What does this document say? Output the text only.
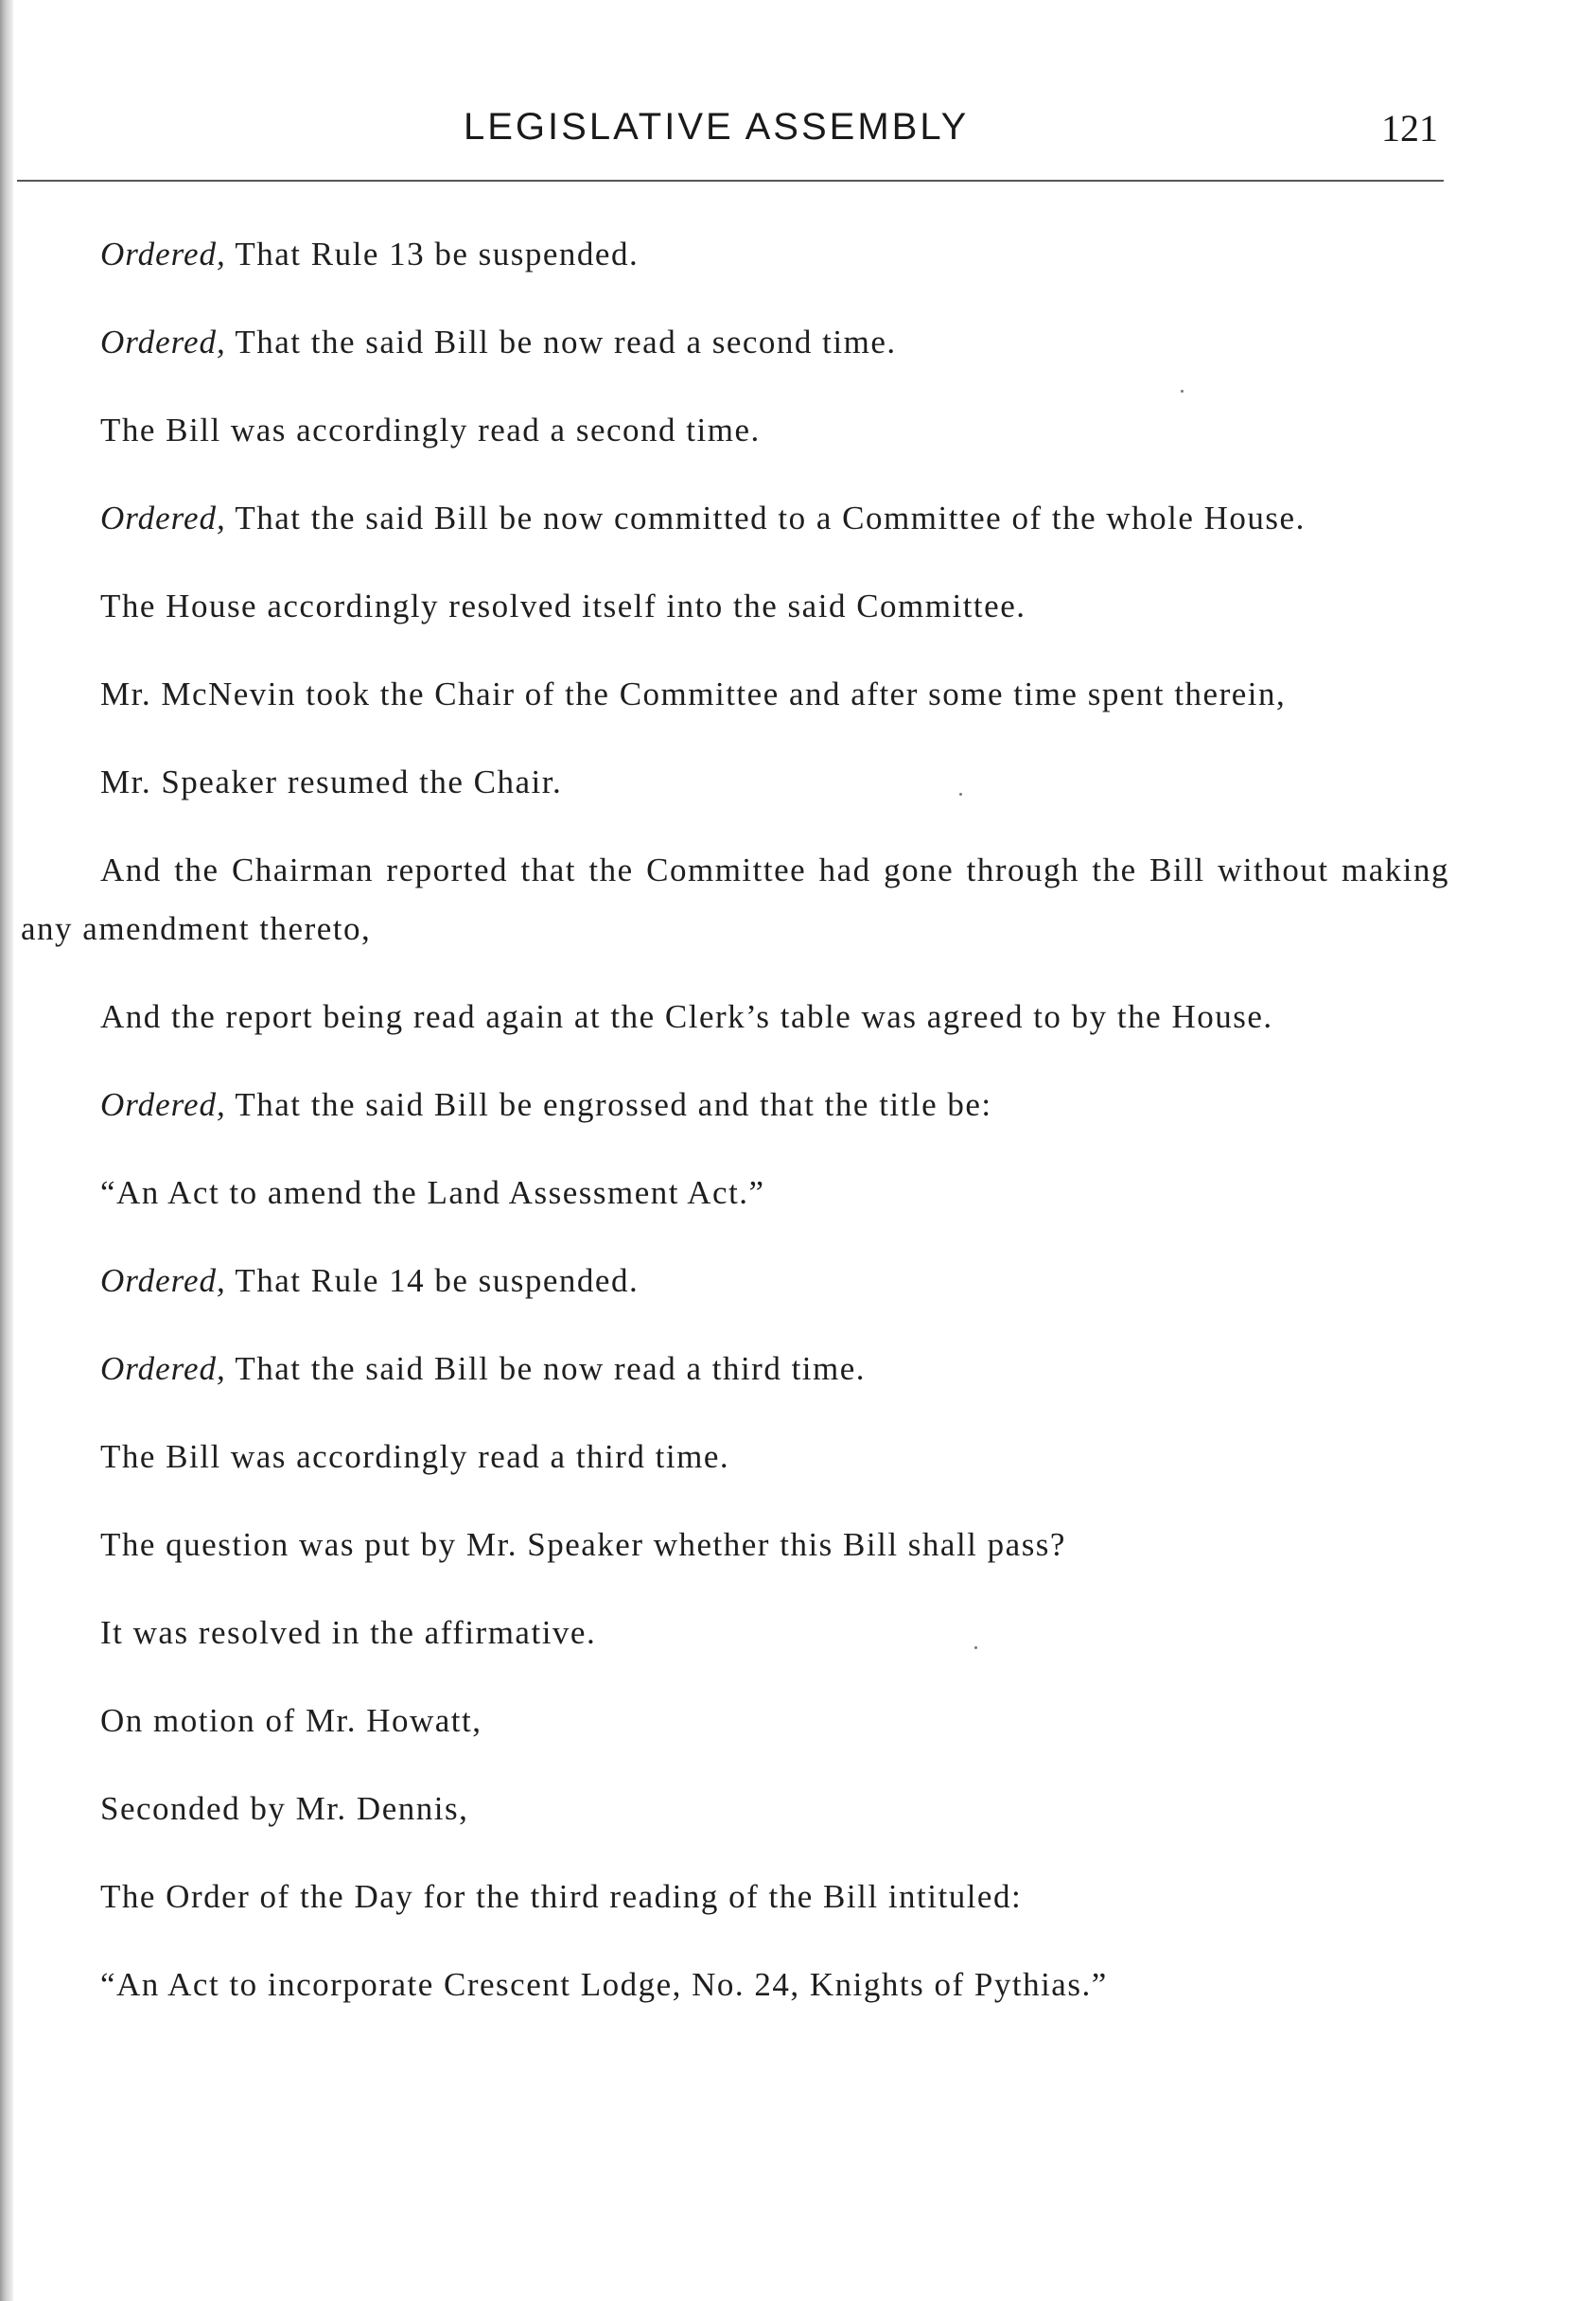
LEGISLATIVE ASSEMBLY	121

Ordered, That Rule 13 be suspended.

Ordered, That the said Bill be now read a second time.

The Bill was accordingly read a second time.

Ordered, That the said Bill be now committed to a Committee of the whole House.

The House accordingly resolved itself into the said Committee.

Mr. McNevin took the Chair of the Committee and after some time spent therein,

Mr. Speaker resumed the Chair.

And the Chairman reported that the Committee had gone through the Bill without making any amendment thereto,

And the report being read again at the Clerk’s table was agreed to by the House.

Ordered, That the said Bill be engrossed and that the title be:

“An Act to amend the Land Assessment Act.”

Ordered, That Rule 14 be suspended.

Ordered, That the said Bill be now read a third time.

The Bill was accordingly read a third time.

The question was put by Mr. Speaker whether this Bill shall pass?

It was resolved in the affirmative.

On motion of Mr. Howatt,

Seconded by Mr. Dennis,

The Order of the Day for the third reading of the Bill intituled:

“An Act to incorporate Crescent Lodge, No. 24, Knights of Pythias.”
